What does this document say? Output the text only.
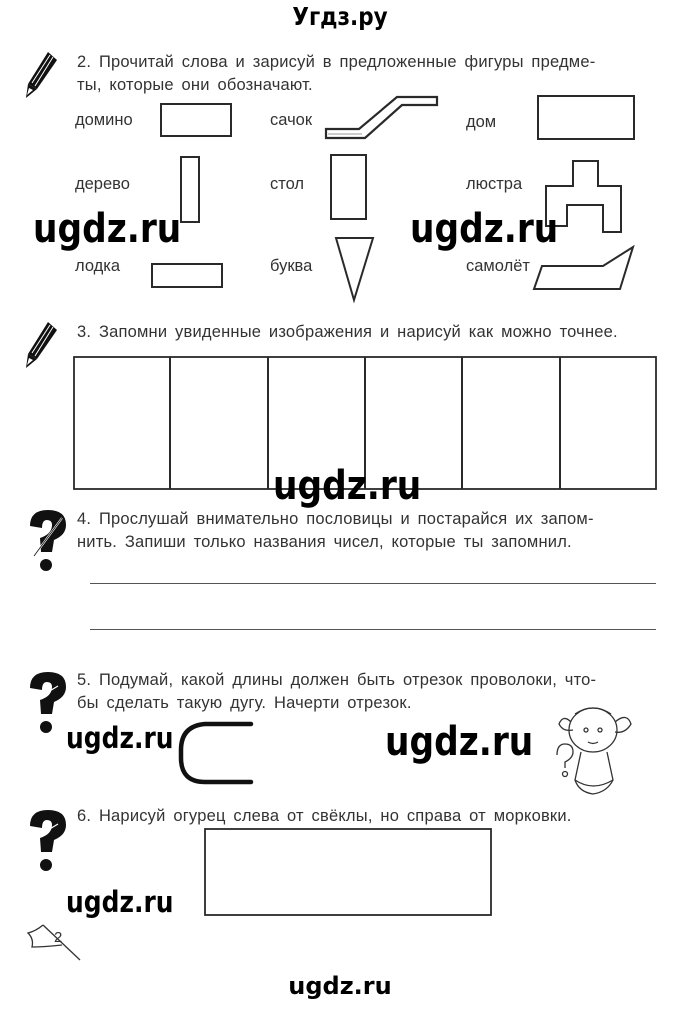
Угдз.ру
2. Прочитай слова и зарисуй в предложенные фигуры предме-
ты, которые они обозначают.
домино	сачок	дом
дерево	стол	люстра
лодка	буква	самолёт
3. Запомни увиденные изображения и нарисуй как можно точнее.
4. Прослушай внимательно пословицы и постарайся их запом-
нить. Запиши только названия чисел, которые ты запомнил.
5. Подумай, какой длины должен быть отрезок проволоки, что-
бы сделать такую дугу. Начерти отрезок.
6. Нарисуй огурец слева от свёклы, но справа от морковки.
2
ugdz.ru	ugdz.ru
ugdz.ru
ugdz.ru	ugdz.ru
ugdz.ru
ugdz.ru
